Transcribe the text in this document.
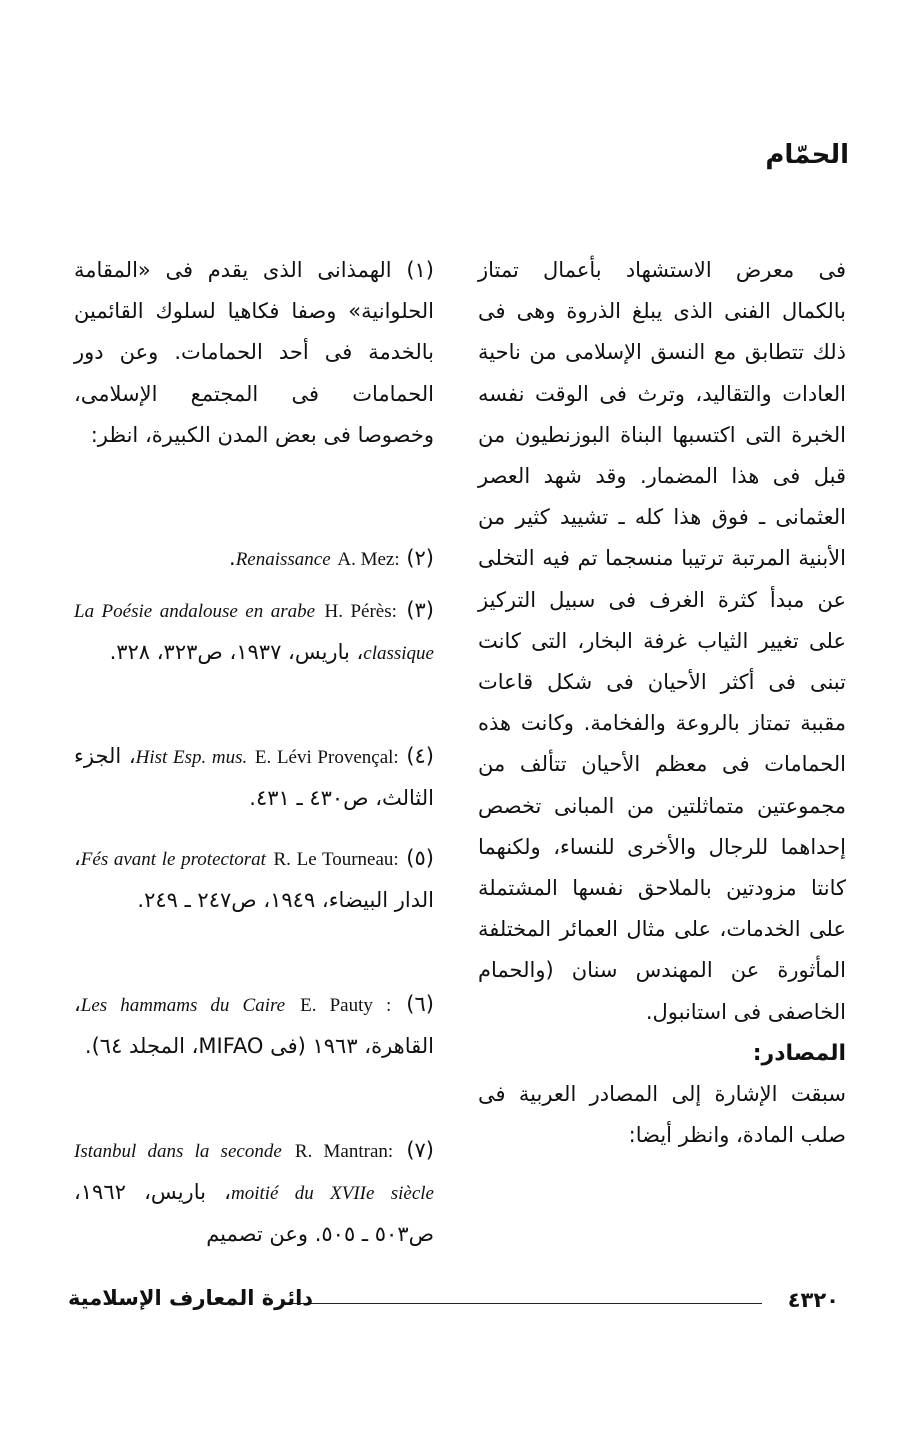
الحمّام

فى معرض الاستشهاد بأعمال تمتاز بالكمال الفنى الذى يبلغ الذروة وهى فى ذلك تتطابق مع النسق الإسلامى من ناحية العادات والتقاليد، وترث فى الوقت نفسه الخبرة التى اكتسبها البناة البوزنطيون من قبل فى هذا المضمار. وقد شهد العصر العثمانى ـ فوق هذا كله ـ تشييد كثير من الأبنية المرتبة ترتيبا منسجما تم فيه التخلى عن مبدأ كثرة الغرف فى سبيل التركيز على تغيير الثياب غرفة البخار، التى كانت تبنى فى أكثر الأحيان فى شكل قاعات مقببة تمتاز بالروعة والفخامة. وكانت هذه الحمامات فى معظم الأحيان تتألف من مجموعتين متماثلتين من المبانى تخصص إحداهما للرجال والأخرى للنساء، ولكنهما كانتا مزودتين بالملاحق نفسها المشتملة على الخدمات، على مثال العمائر المختلفة المأثورة عن المهندس سنان (والحمام الخاصفى فى استانبول.

المصادر:

سبقت الإشارة إلى المصادر العربية فى صلب المادة، وانظر أيضا:

(١) الهمذانى الذى يقدم فى «المقامة الحلوانية» وصفا فكاهيا لسلوك القائمين بالخدمة فى أحد الحمامات. وعن دور الحمامات فى المجتمع الإسلامى، وخصوصا فى بعض المدن الكبيرة، انظر:

(٢) A. Mez: Renaissance.

(٣) H. Pérès: La Poésie andalouse en arabe classique، باريس، ١٩٣٧، ص٣٢٣، ٣٢٨.

(٤) E. Lévi Provençal: Hist Esp. mus.، الجزء الثالث، ص٤٣٠ ـ ٤٣١.

(٥) R. Le Tourneau: Fés avant le protectorat، الدار البيضاء، ١٩٤٩، ص٢٤٧ ـ ٢٤٩.

(٦) E. Pauty : Les hammams du Caire، القاهرة، ١٩٦٣ (فى MIFAO، المجلد ٦٤).

(٧) R. Mantran: Istanbul dans la seconde moitié du XVIIe siècle، باريس، ١٩٦٢، ص٥٠٣ ـ ٥٠٥. وعن تصميم

٤٣٢٠
دائرة المعارف الإسلامية
